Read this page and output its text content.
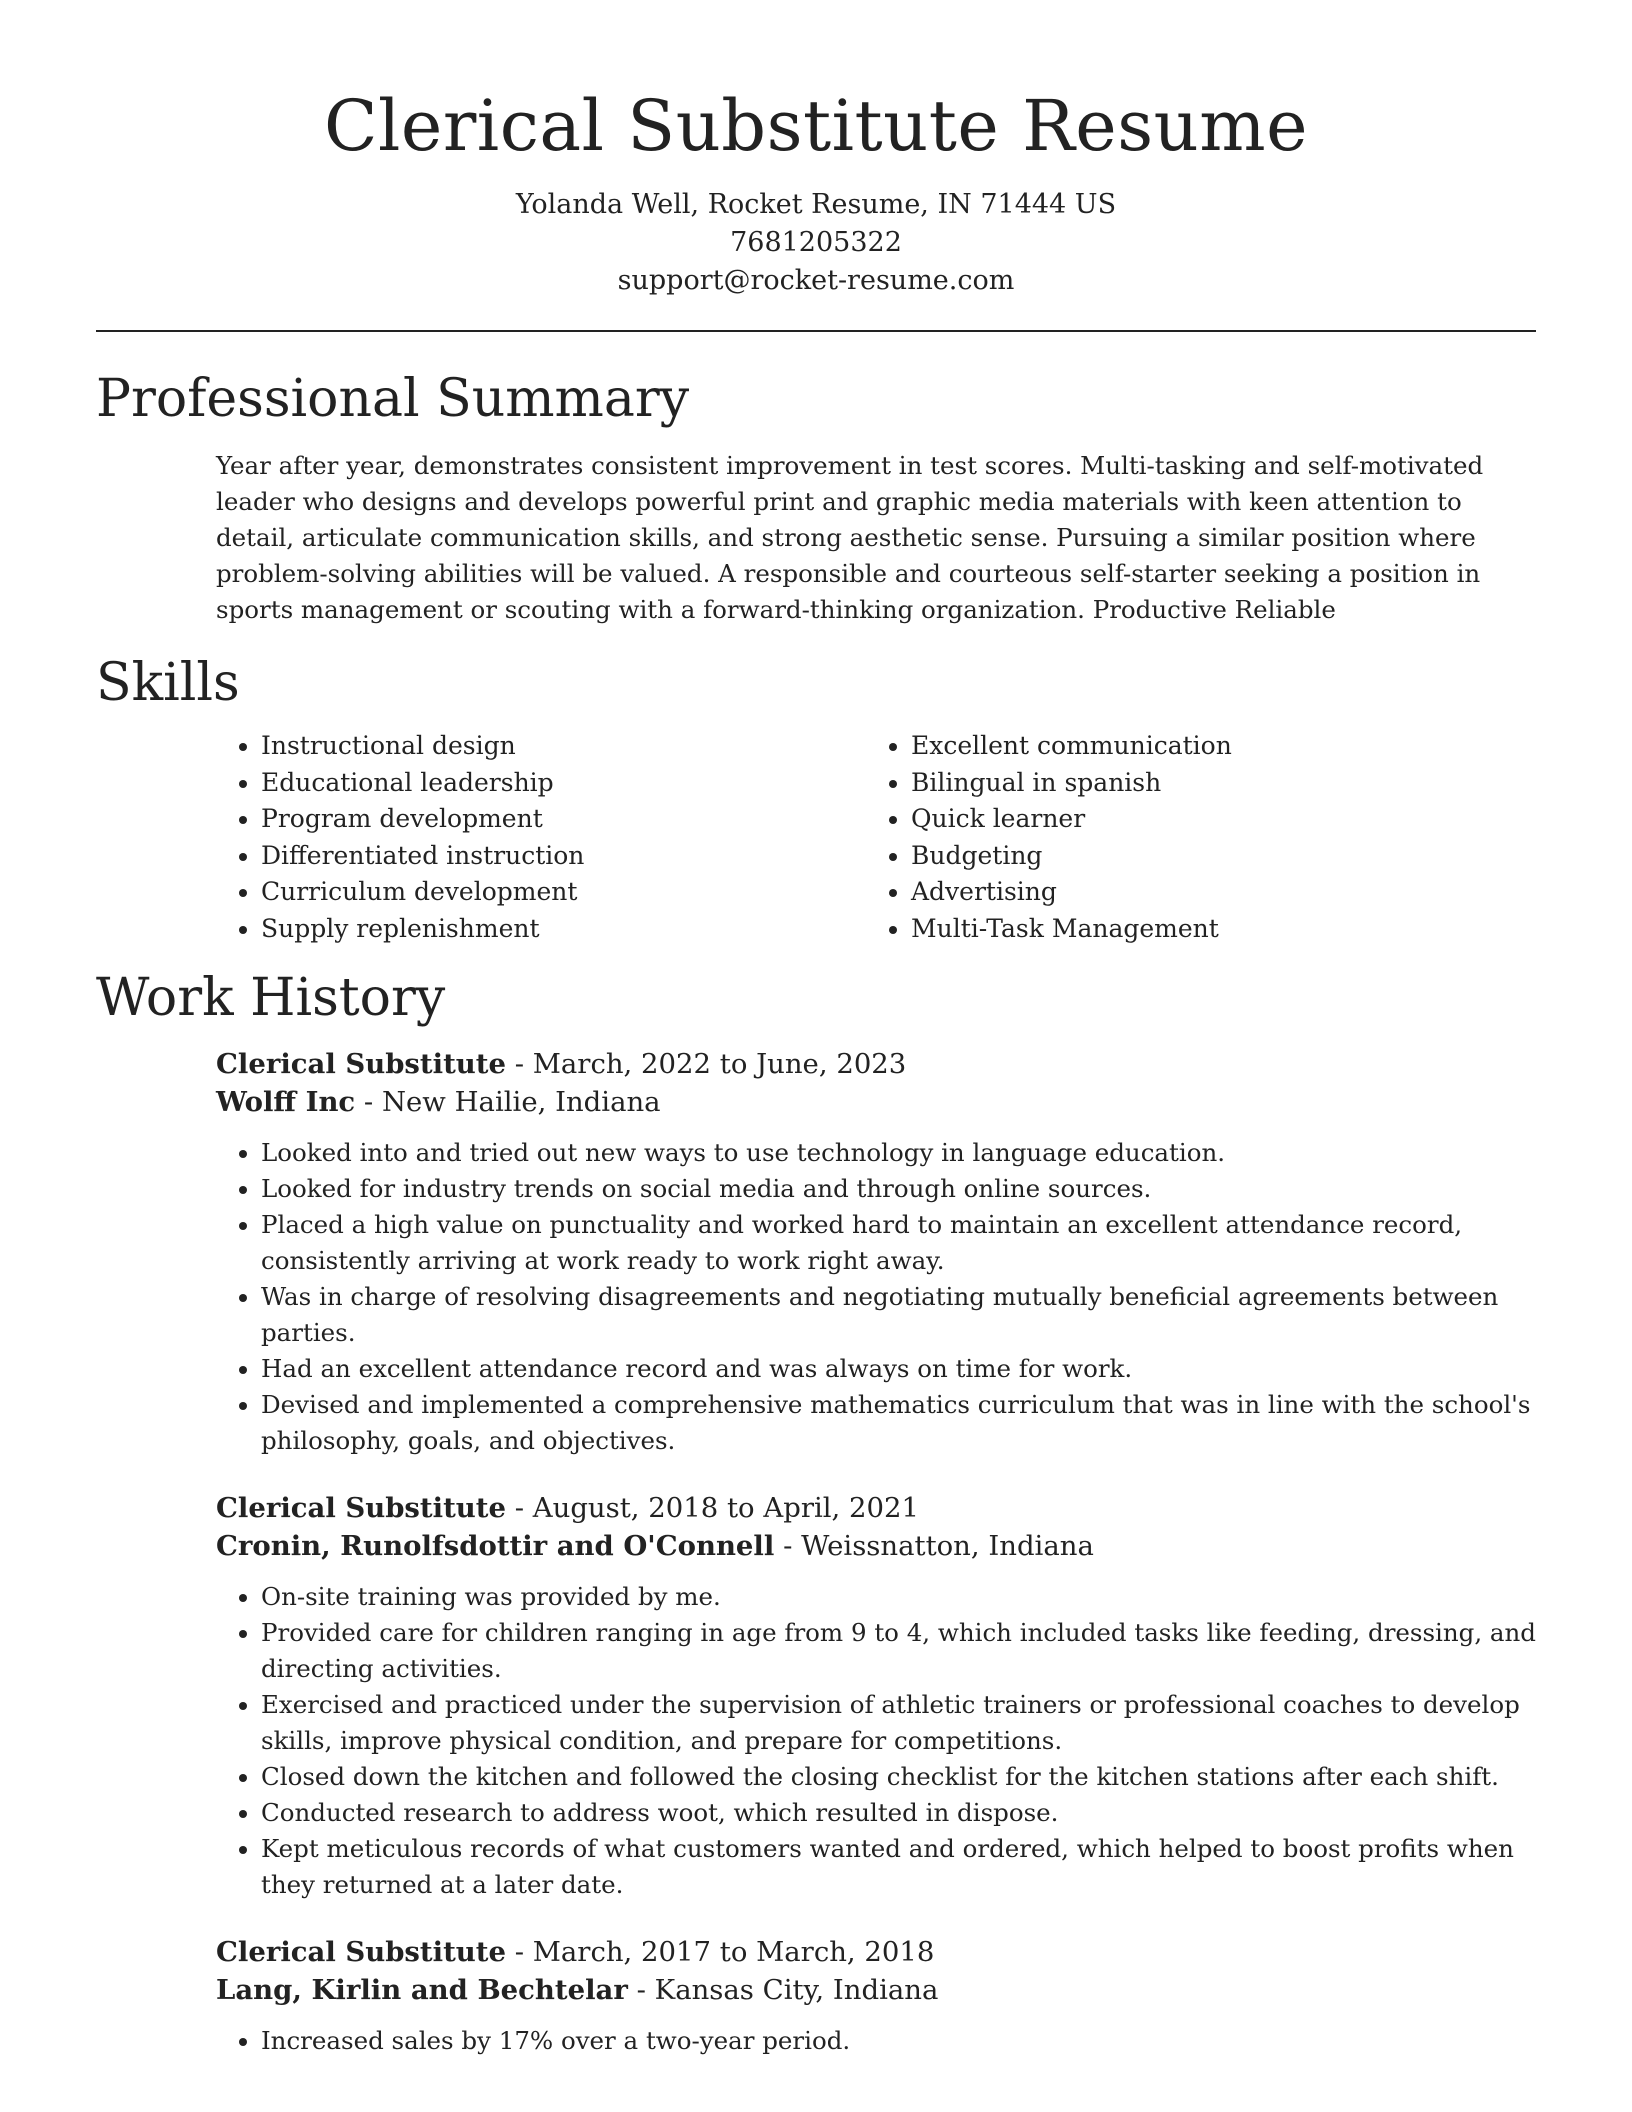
Clerical Substitute Resume
Yolanda Well, Rocket Resume, IN 71444 US
7681205322
support@rocket-resume.com
Professional Summary

Year after year, demonstrates consistent improvement in test scores. Multi-tasking and self-motivated leader who designs and develops powerful print and graphic media materials with keen attention to detail, articulate communication skills, and strong aesthetic sense. Pursuing a similar position where problem-solving abilities will be valued. A responsible and courteous self-starter seeking a position in sports management or scouting with a forward-thinking organization. Productive Reliable

Skills
• Instructional design
• Educational leadership
• Program development
• Differentiated instruction
• Curriculum development
• Supply replenishment
• Excellent communication
• Bilingual in spanish
• Quick learner
• Budgeting
• Advertising
• Multi-Task Management
Work History
Clerical Substitute - March, 2022 to June, 2023
Wolff Inc - New Hailie, Indiana
• Looked into and tried out new ways to use technology in language education.
• Looked for industry trends on social media and through online sources.
• Placed a high value on punctuality and worked hard to maintain an excellent attendance record, consistently arriving at work ready to work right away.
• Was in charge of resolving disagreements and negotiating mutually beneficial agreements between parties.
• Had an excellent attendance record and was always on time for work.
• Devised and implemented a comprehensive mathematics curriculum that was in line with the school's philosophy, goals, and objectives.
Clerical Substitute - August, 2018 to April, 2021
Cronin, Runolfsdottir and O'Connell - Weissnatton, Indiana
• On-site training was provided by me.
• Provided care for children ranging in age from 9 to 4, which included tasks like feeding, dressing, and directing activities.
• Exercised and practiced under the supervision of athletic trainers or professional coaches to develop skills, improve physical condition, and prepare for competitions.
• Closed down the kitchen and followed the closing checklist for the kitchen stations after each shift.
• Conducted research to address woot, which resulted in dispose.
• Kept meticulous records of what customers wanted and ordered, which helped to boost profits when they returned at a later date.
Clerical Substitute - March, 2017 to March, 2018
Lang, Kirlin and Bechtelar - Kansas City, Indiana
• Increased sales by 17% over a two-year period.
